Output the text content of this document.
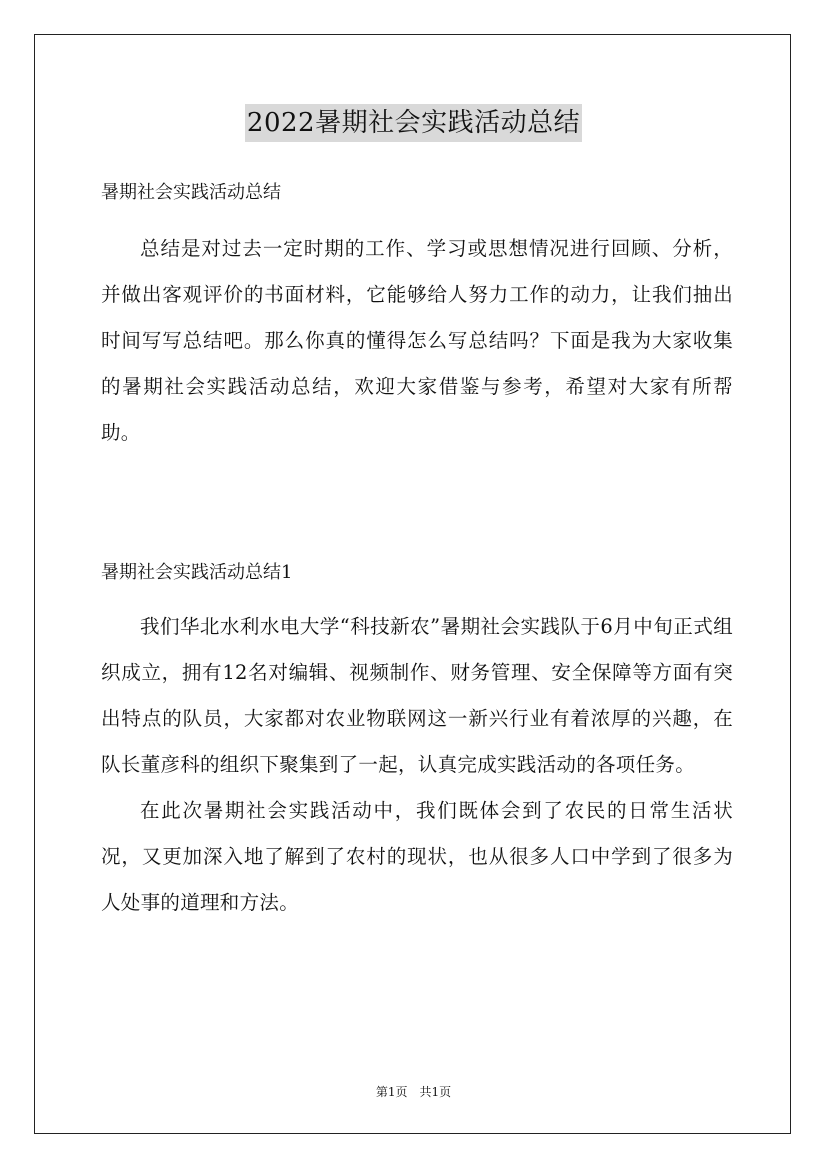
2022暑期社会实践活动总结
暑期社会实践活动总结

总结是对过去一定时期的工作、学习或思想情况进行回顾、分析，并做出客观评价的书面材料，它能够给人努力工作的动力，让我们抽出时间写写总结吧。那么你真的懂得怎么写总结吗？下面是我为大家收集的暑期社会实践活动总结，欢迎大家借鉴与参考，希望对大家有所帮助。

暑期社会实践活动总结1

我们华北水利水电大学“科技新农”暑期社会实践队于6月中旬正式组织成立，拥有12名对编辑、视频制作、财务管理、安全保障等方面有突出特点的队员，大家都对农业物联网这一新兴行业有着浓厚的兴趣，在队长董彦科的组织下聚集到了一起，认真完成实践活动的各项任务。

在此次暑期社会实践活动中，我们既体会到了农民的日常生活状况，又更加深入地了解到了农村的现状，也从很多人口中学到了很多为人处事的道理和方法。

第1页　共1页
